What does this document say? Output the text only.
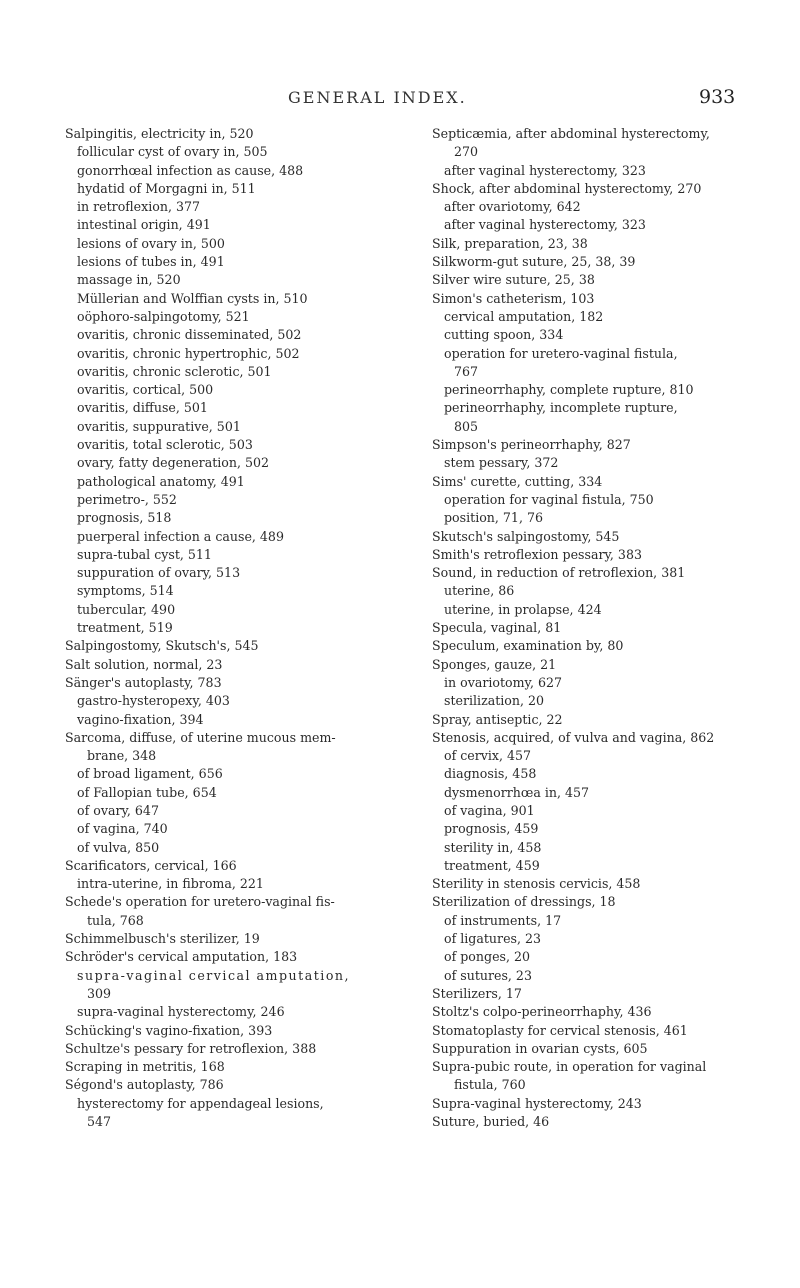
GENERAL INDEX.	933

Salpingitis, electricity in, 520

follicular cyst of ovary in, 505

gonorrhœal infection as cause, 488

hydatid of Morgagni in, 511

in retroflexion, 377

intestinal origin, 491

lesions of ovary in, 500

lesions of tubes in, 491

massage in, 520

Müllerian and Wolffian cysts in, 510

oöphoro-salpingotomy, 521

ovaritis, chronic disseminated, 502

ovaritis, chronic hypertrophic, 502

ovaritis, chronic sclerotic, 501

ovaritis, cortical, 500

ovaritis, diffuse, 501

ovaritis, suppurative, 501

ovaritis, total sclerotic, 503

ovary, fatty degeneration, 502

pathological anatomy, 491

perimetro-, 552

prognosis, 518

puerperal infection a cause, 489

supra-tubal cyst, 511

suppuration of ovary, 513

symptoms, 514

tubercular, 490

treatment, 519

Salpingostomy, Skutsch's, 545

Salt solution, normal, 23

Sänger's autoplasty, 783

gastro-hysteropexy, 403

vagino-fixation, 394

Sarcoma, diffuse, of uterine mucous mem-

brane, 348

of broad ligament, 656

of Fallopian tube, 654

of ovary, 647

of vagina, 740

of vulva, 850

Scarificators, cervical, 166

intra-uterine, in fibroma, 221

Schede's operation for uretero-vaginal fis-

tula, 768

Schimmelbusch's sterilizer, 19

Schröder's cervical amputation, 183

supra-vaginal cervical amputation,

309

supra-vaginal hysterectomy, 246

Schücking's vagino-fixation, 393

Schultze's pessary for retroflexion, 388

Scraping in metritis, 168

Ségond's autoplasty, 786

hysterectomy for appendageal lesions,

547

Septicæmia, after abdominal hysterectomy,

270

after vaginal hysterectomy, 323

Shock, after abdominal hysterectomy, 270

after ovariotomy, 642

after vaginal hysterectomy, 323

Silk, preparation, 23, 38

Silkworm-gut suture, 25, 38, 39

Silver wire suture, 25, 38

Simon's catheterism, 103

cervical amputation, 182

cutting spoon, 334

operation for uretero-vaginal fistula,

767

perineorrhaphy, complete rupture, 810

perineorrhaphy, incomplete rupture,

805

Simpson's perineorrhaphy, 827

stem pessary, 372

Sims' curette, cutting, 334

operation for vaginal fistula, 750

position, 71, 76

Skutsch's salpingostomy, 545

Smith's retroflexion pessary, 383

Sound, in reduction of retroflexion, 381

uterine, 86

uterine, in prolapse, 424

Specula, vaginal, 81

Speculum, examination by, 80

Sponges, gauze, 21

in ovariotomy, 627

sterilization, 20

Spray, antiseptic, 22

Stenosis, acquired, of vulva and vagina, 862

of cervix, 457

diagnosis, 458

dysmenorrhœa in, 457

of vagina, 901

prognosis, 459

sterility in, 458

treatment, 459

Sterility in stenosis cervicis, 458

Sterilization of dressings, 18

of instruments, 17

of ligatures, 23

of ponges, 20

of sutures, 23

Sterilizers, 17

Stoltz's colpo-perineorrhaphy, 436

Stomatoplasty for cervical stenosis, 461

Suppuration in ovarian cysts, 605

Supra-pubic route, in operation for vaginal

fistula, 760

Supra-vaginal hysterectomy, 243

Suture, buried, 46
